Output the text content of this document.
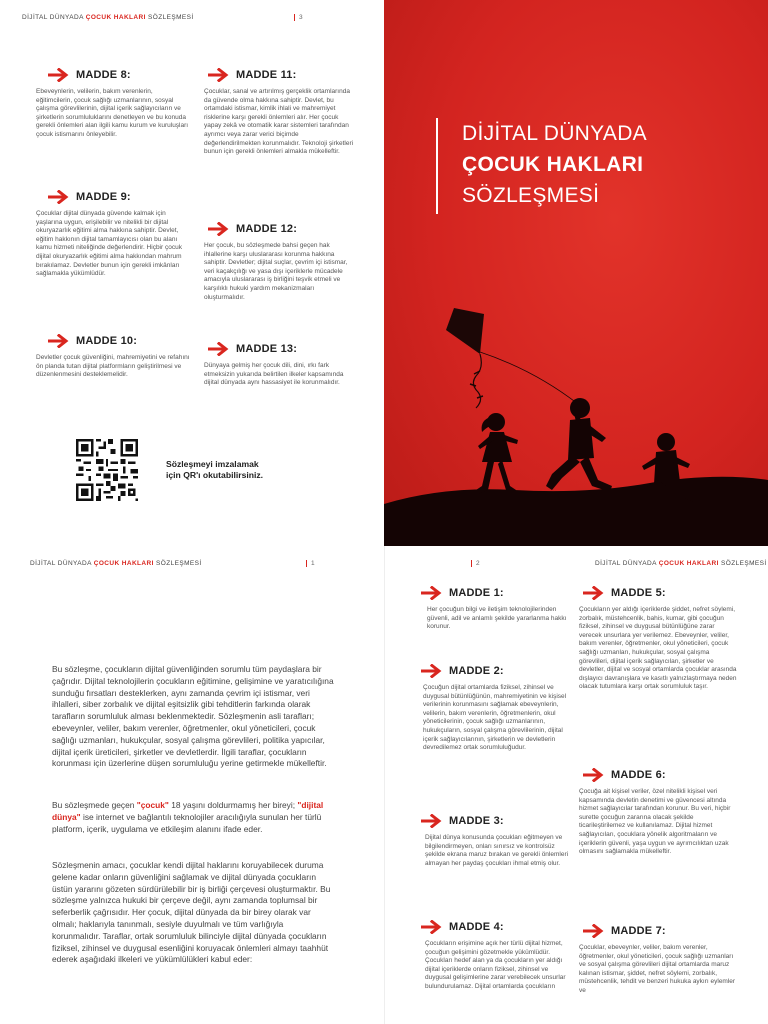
DİJİTAL DÜNYADA ÇOCUK HAKLARI SÖZLEŞMESİ	3
MADDE 8:
Ebeveynlerin, velilerin, bakım verenlerin, eğitimcilerin, çocuk sağlığı uzmanlarının, sosyal çalışma görevlilerinin, dijital içerik sağlayıcıların ve şirketlerin sorumluluklarını denetleyen ve bu konuda gerekli önlemleri alan ilgili kamu kurum ve kuruluşları çocuk istismarını önleyebilir.
MADDE 9:
Çocuklar dijital dünyada güvende kalmak için yaşlarına uygun, erişilebilir ve nitelikli bir dijital okuryazarlık eğitimi alma hakkına sahiptir. Devlet, eğitim hakkının dijital tamamlayıcısı olan bu alanı kamu hizmeti niteliğinde değerlendirir. Hiçbir çocuk dijital okuryazarlık eğitimi alma hakkından mahrum bırakılamaz. Devletler bunun için gerekli imkânları sağlamakla yükümlüdür.
MADDE 10:
Devletler çocuk güvenliğini, mahremiyetini ve refahını ön planda tutan dijital platformların geliştirilmesi ve düzenlenmesini desteklemelidir.
MADDE 11:
Çocuklar, sanal ve artırılmış gerçeklik ortamlarında da güvende olma hakkına sahiptir. Devlet, bu ortamdaki istismar, kimlik ihlali ve mahremiyet risklerine karşı gerekli önlemleri alır. Her çocuk yapay zekâ ve otomatik karar sistemleri tarafından ayrımcı veya zarar verici biçimde değerlendirilmekten korunmalıdır. Teknoloji şirketleri bunun için gerekli önlemleri almakla mükelleftir.
MADDE 12:
Her çocuk, bu sözleşmede bahsi geçen hak ihlallerine karşı uluslararası korunma hakkına sahiptir. Devletler; dijital suçlar, çevrim içi istismar, veri kaçakçılığı ve yasa dışı içeriklerle mücadele amacıyla uluslararası iş birliğini teşvik etmeli ve karşılıklı hukuki yardım mekanizmaları oluşturmalıdır.
MADDE 13:
Dünyaya gelmiş her çocuk dili, dini, ırkı fark etmeksizin yukarıda belirtilen ilkeler kapsamında dijital dünyada aynı hassasiyet ile korunmalıdır.
Sözleşmeyi imzalamak
için QR'ı okutabilirsiniz.
DİJİTAL DÜNYADA
ÇOCUK HAKLARI
SÖZLEŞMESİ
DİJİTAL DÜNYADA ÇOCUK HAKLARI SÖZLEŞMESİ	1
Bu sözleşme, çocukların dijital güvenliğinden sorumlu tüm paydaşlara bir çağrıdır. Dijital teknolojilerin çocukların eğitimine, gelişimine ve yaratıcılığına sunduğu fırsatları desteklerken, aynı zamanda çevrim içi istismar, veri ihlalleri, siber zorbalık ve dijital eşitsizlik gibi tehditlerin farkında olarak tarafların sorumluluk alması beklenmektedir. Sözleşmenin asli tarafları; ebeveynler, veliler, bakım verenler, öğretmenler, okul yöneticileri, çocuk sağlığı uzmanları, hukukçular, sosyal çalışma görevlileri, politika yapıcılar, dijital içerik üreticileri, şirketler ve devletlerdir. İlgili taraflar, çocukların korunması için üzerlerine düşen sorumluluğu yerine getirmekle mükelleftir.
Bu sözleşmede geçen "çocuk" 18 yaşını doldurmamış her bireyi; "dijital dünya" ise internet ve bağlantılı teknolojiler aracılığıyla sunulan her türlü platform, içerik, uygulama ve etkileşim alanını ifade eder.
Sözleşmenin amacı, çocuklar kendi dijital haklarını koruyabilecek duruma gelene kadar onların güvenliğini sağlamak ve dijital dünyada çocukların üstün yararını gözeten sürdürülebilir bir iş birliği çerçevesi oluşturmaktır. Bu sözleşme yalnızca hukuki bir çerçeve değil, aynı zamanda toplumsal bir seferberlik çağrısıdır. Her çocuk, dijital dünyada da bir birey olarak var olmalı; haklarıyla tanınmalı, sesiyle duyulmalı ve tüm varlığıyla korunmalıdır. Taraflar, ortak sorumluluk bilinciyle dijital dünyada çocukların fiziksel, zihinsel ve duygusal esenliğini koruyacak önlemleri almayı taahhüt ederek aşağıdaki ilkeleri ve yükümlülükleri kabul eder:
2	DİJİTAL DÜNYADA ÇOCUK HAKLARI SÖZLEŞMESİ
MADDE 1:
Her çocuğun bilgi ve iletişim teknolojilerinden güvenli, adil ve anlamlı şekilde yararlanma hakkı korunur.
MADDE 2:
Çocuğun dijital ortamlarda fiziksel, zihinsel ve duygusal bütünlüğünün, mahremiyetinin ve kişisel verilerinin korunmasını sağlamak ebeveynlerin, velilerin, bakım verenlerin, öğretmenlerin, okul yöneticilerinin, çocuk sağlığı uzmanlarının, hukukçuların, sosyal çalışma görevlilerinin, dijital içerik sağlayıcılarının, şirketlerin ve devletlerin devredilemez ortak sorumluluğudur.
MADDE 3:
Dijital dünya konusunda çocukları eğitmeyen ve bilgilendirmeyen, onları sınırsız ve kontrolsüz şekilde ekrana maruz bırakan ve gerekli önlemleri almayan her paydaş çocukları ihmal etmiş olur.
MADDE 4:
Çocukların erişimine açık her türlü dijital hizmet, çocuğun gelişimini gözetmekle yükümlüdür. Çocukları hedef alan ya da çocukların yer aldığı dijital içeriklerde onların fiziksel, zihinsel ve duygusal gelişimlerine zarar verebilecek unsurlar bulundurulamaz. Dijital ortamlarda çocukların
MADDE 5:
Çocukların yer aldığı içeriklerde şiddet, nefret söylemi, zorbalık, müstehcenlik, bahis, kumar, gibi çocuğun fiziksel, zihinsel ve duygusal bütünlüğüne zarar verecek unsurlara yer verilemez. Ebeveynler, veliler, bakım verenler, öğretmenler, okul yöneticileri, çocuk sağlığı uzmanları, hukukçular, sosyal çalışma görevlileri, dijital içerik sağlayıcıları, şirketler ve devletler, dijital ve sosyal ortamlarda çocuklar arasında dışlayıcı davranışlara ve kasıtlı yalnızlaştırmaya neden olacak tutumlara karşı ortak sorumluluk taşır.
MADDE 6:
Çocuğa ait kişisel veriler, özel nitelikli kişisel veri kapsamında devletin denetimi ve güvencesi altında hizmet sağlayıcılar tarafından korunur. Bu veri, hiçbir surette çocuğun zararına olacak şekilde ticarileştirilemez ve kullanılamaz. Dijital hizmet sağlayıcıları, çocuklara yönelik algoritmaların ve içeriklerin güvenli, yaşa uygun ve ayrımcılıktan uzak olmasını sağlamakla mükelleftir.
MADDE 7:
Çocuklar, ebeveynler, veliler, bakım verenler, öğretmenler, okul yöneticileri, çocuk sağlığı uzmanları ve sosyal çalışma görevlileri dijital ortamlarda maruz kalınan istismar, şiddet, nefret söylemi, zorbalık, müstehcenlik, tehdit ve benzeri hukuka aykırı eylemler ve
